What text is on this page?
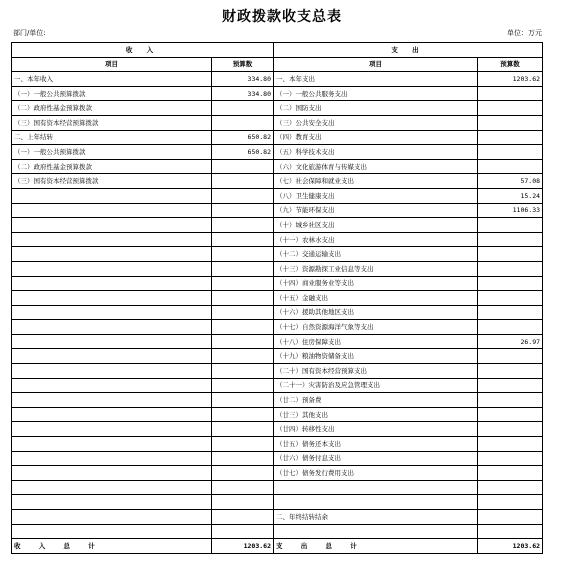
财政拨款收支总表
部门/单位:	单位：万元
收 入		支 出	
项目	预算数	项目	预算数
一、本年收入	334.80	一、本年支出	1203.62
（一）一般公共预算拨款	334.80	（一）一般公共服务支出	
（二）政府性基金预算拨款		（二）国防支出	
（三）国有资本经营预算拨款		（三）公共安全支出	
二、上年结转	650.82	（四）教育支出	
（一）一般公共预算拨款	650.82	（五）科学技术支出	
（二）政府性基金预算拨款		（六）文化旅游体育与传媒支出	
（三）国有资本经营预算拨款		（七）社会保障和就业支出	57.08
		（八）卫生健康支出	15.24
		（九）节能环保支出	1106.33
		（十）城乡社区支出	
		（十一）农林水支出	
		（十二）交通运输支出	
		（十三）资源勘探工业信息等支出	
		（十四）商业服务业等支出	
		（十五）金融支出	
		（十六）援助其他地区支出	
		（十七）自然资源海洋气象等支出	
		（十八）住房保障支出	26.97
		（十九）粮油物资储备支出	
		（二十）国有资本经营预算支出	
		（二十一）灾害防治及应急管理支出	
		（廿二）预备费	
		（廿三）其他支出	
		（廿四）转移性支出	
		（廿五）债务还本支出	
		（廿六）债务付息支出	
		（廿七）债务发行费用支出	

		二、年终结转结余	

收 入 总 计	1203.62	支 出 总 计	1203.62
